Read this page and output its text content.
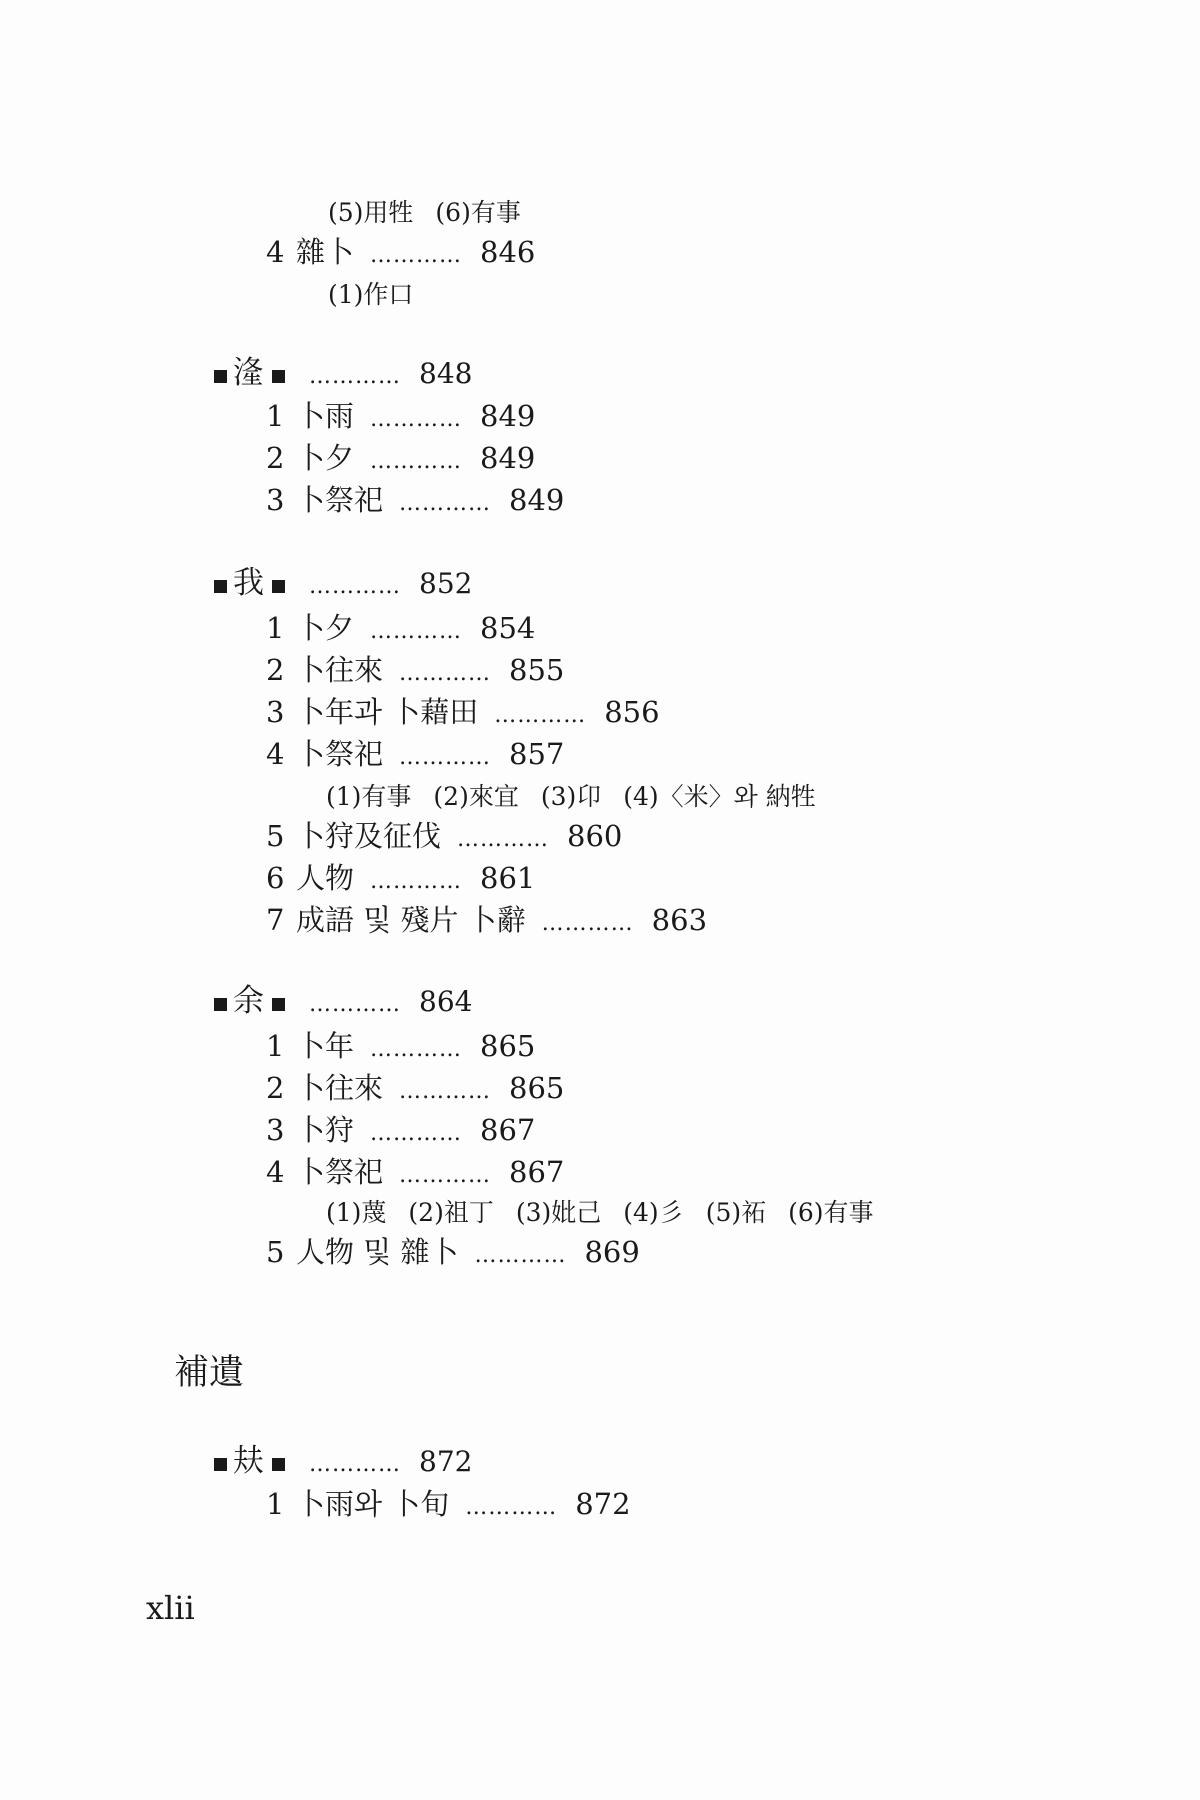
(5)用牲 (6)有事
4 雜卜 ………… 846
(1)作口
湰 ………… 848
1 卜雨 ………… 849
2 卜夕 ………… 849
3 卜祭祀 ………… 849
我 ………… 852
1 卜夕 ………… 854
2 卜往來 ………… 855
3 卜年과 卜藉田 ………… 856
4 卜祭祀 ………… 857
(1)有事 (2)來宜 (3)卬 (4)〈米〉와 納牲
5 卜狩及征伐 ………… 860
6 人物 ………… 861
7 成語 및 殘片 卜辭 ………… 863
余 ………… 864
1 卜年 ………… 865
2 卜往來 ………… 865
3 卜狩 ………… 867
4 卜祭祀 ………… 867
(1)蔑 (2)祖丁 (3)妣己 (4)彡 (5)祏 (6)有事
5 人物 및 雜卜 ………… 869
補遺
㚘 ………… 872
1 卜雨와 卜旬 ………… 872
xlii
